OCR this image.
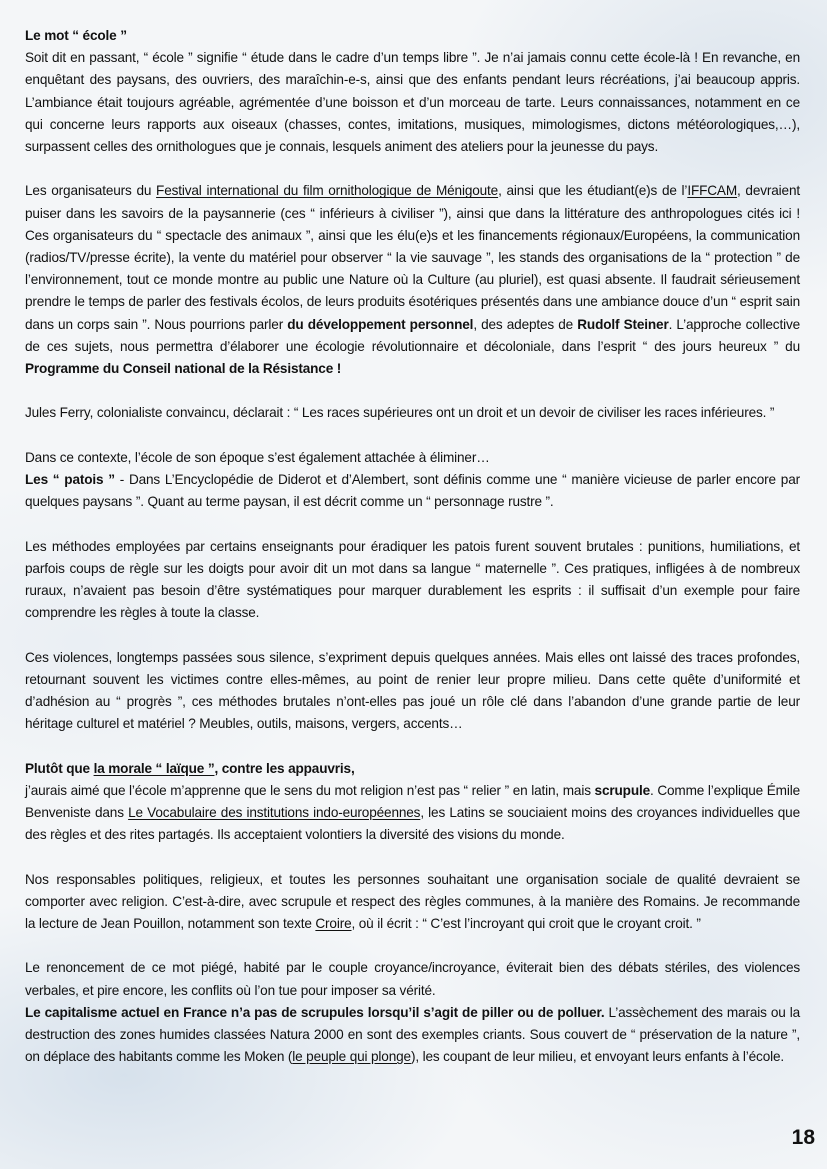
Le mot “ école ”

Soit dit en passant, “ école ” signifie “ étude dans le cadre d’un temps libre ”. Je n’ai jamais connu cette école-là ! En revanche, en enquêtant des paysans, des ouvriers, des maraîchin-e-s, ainsi que des enfants pendant leurs récréations, j’ai beaucoup appris. L’ambiance était toujours agréable, agrémentée d’une boisson et d’un morceau de tarte. Leurs connaissances, notamment en ce qui concerne leurs rapports aux oiseaux (chasses, contes, imitations, musiques, mimologismes, dictons météorologiques,…), surpassent celles des ornithologues que je connais, lesquels animent des ateliers pour la jeunesse du pays.

Les organisateurs du Festival international du film ornithologique de Ménigoute, ainsi que les étudiant(e)s de l’IFFCAM, devraient puiser dans les savoirs de la paysannerie (ces “ inférieurs à civiliser ”), ainsi que dans la littérature des anthropologues cités ici ! Ces organisateurs du “ spectacle des animaux ”, ainsi que les élu(e)s et les financements régionaux/Européens, la communication (radios/TV/presse écrite), la vente du matériel pour observer “ la vie sauvage ”, les stands des organisations de la “ protection ” de l’environnement, tout ce monde montre au public une Nature où la Culture (au pluriel), est quasi absente. Il faudrait sérieusement prendre le temps de parler des festivals écolos, de leurs produits ésotériques présentés dans une ambiance douce d’un “ esprit sain dans un corps sain ”. Nous pourrions parler du développement personnel, des adeptes de Rudolf Steiner. L’approche collective de ces sujets, nous permettra d’élaborer une écologie révolutionnaire et décoloniale, dans l’esprit “ des jours heureux ” du Programme du Conseil national de la Résistance !

Jules Ferry, colonialiste convaincu, déclarait : “ Les races supérieures ont un droit et un devoir de civiliser les races inférieures. ”

Dans ce contexte, l’école de son époque s’est également attachée à éliminer…

Les “ patois ” - Dans L’Encyclopédie de Diderot et d’Alembert, sont définis comme une “ manière vicieuse de parler encore par quelques paysans ”. Quant au terme paysan, il est décrit comme un “ personnage rustre ”.

Les méthodes employées par certains enseignants pour éradiquer les patois furent souvent brutales : punitions, humiliations, et parfois coups de règle sur les doigts pour avoir dit un mot dans sa langue “ maternelle ”. Ces pratiques, infligées à de nombreux ruraux, n’avaient pas besoin d’être systématiques pour marquer durablement les esprits : il suffisait d’un exemple pour faire comprendre les règles à toute la classe.

Ces violences, longtemps passées sous silence, s’expriment depuis quelques années. Mais elles ont laissé des traces profondes, retournant souvent les victimes contre elles-mêmes, au point de renier leur propre milieu. Dans cette quête d’uniformité et d’adhésion au “ progrès ”, ces méthodes brutales n’ont-elles pas joué un rôle clé dans l’abandon d’une grande partie de leur héritage culturel et matériel ? Meubles, outils, maisons, vergers, accents…

Plutôt que la morale “ laïque ”, contre les appauvris,

j’aurais aimé que l’école m’apprenne que le sens du mot religion n’est pas “ relier ” en latin, mais scrupule. Comme l’explique Émile Benveniste dans Le Vocabulaire des institutions indo-européennes, les Latins se souciaient moins des croyances individuelles que des règles et des rites partagés. Ils acceptaient volontiers la diversité des visions du monde.

Nos responsables politiques, religieux, et toutes les personnes souhaitant une organisation sociale de qualité devraient se comporter avec religion. C’est-à-dire, avec scrupule et respect des règles communes, à la manière des Romains. Je recommande la lecture de Jean Pouillon, notamment son texte Croire, où il écrit : “ C’est l’incroyant qui croit que le croyant croit. ”

Le renoncement de ce mot piégé, habité par le couple croyance/incroyance, éviterait bien des débats stériles, des violences verbales, et pire encore, les conflits où l’on tue pour imposer sa vérité.

Le capitalisme actuel en France n’a pas de scrupules lorsqu’il s’agit de piller ou de polluer. L’assèchement des marais ou la destruction des zones humides classées Natura 2000 en sont des exemples criants. Sous couvert de “ préservation de la nature ”, on déplace des habitants comme les Moken (le peuple qui plonge), les coupant de leur milieu, et envoyant leurs enfants à l’école.

18
